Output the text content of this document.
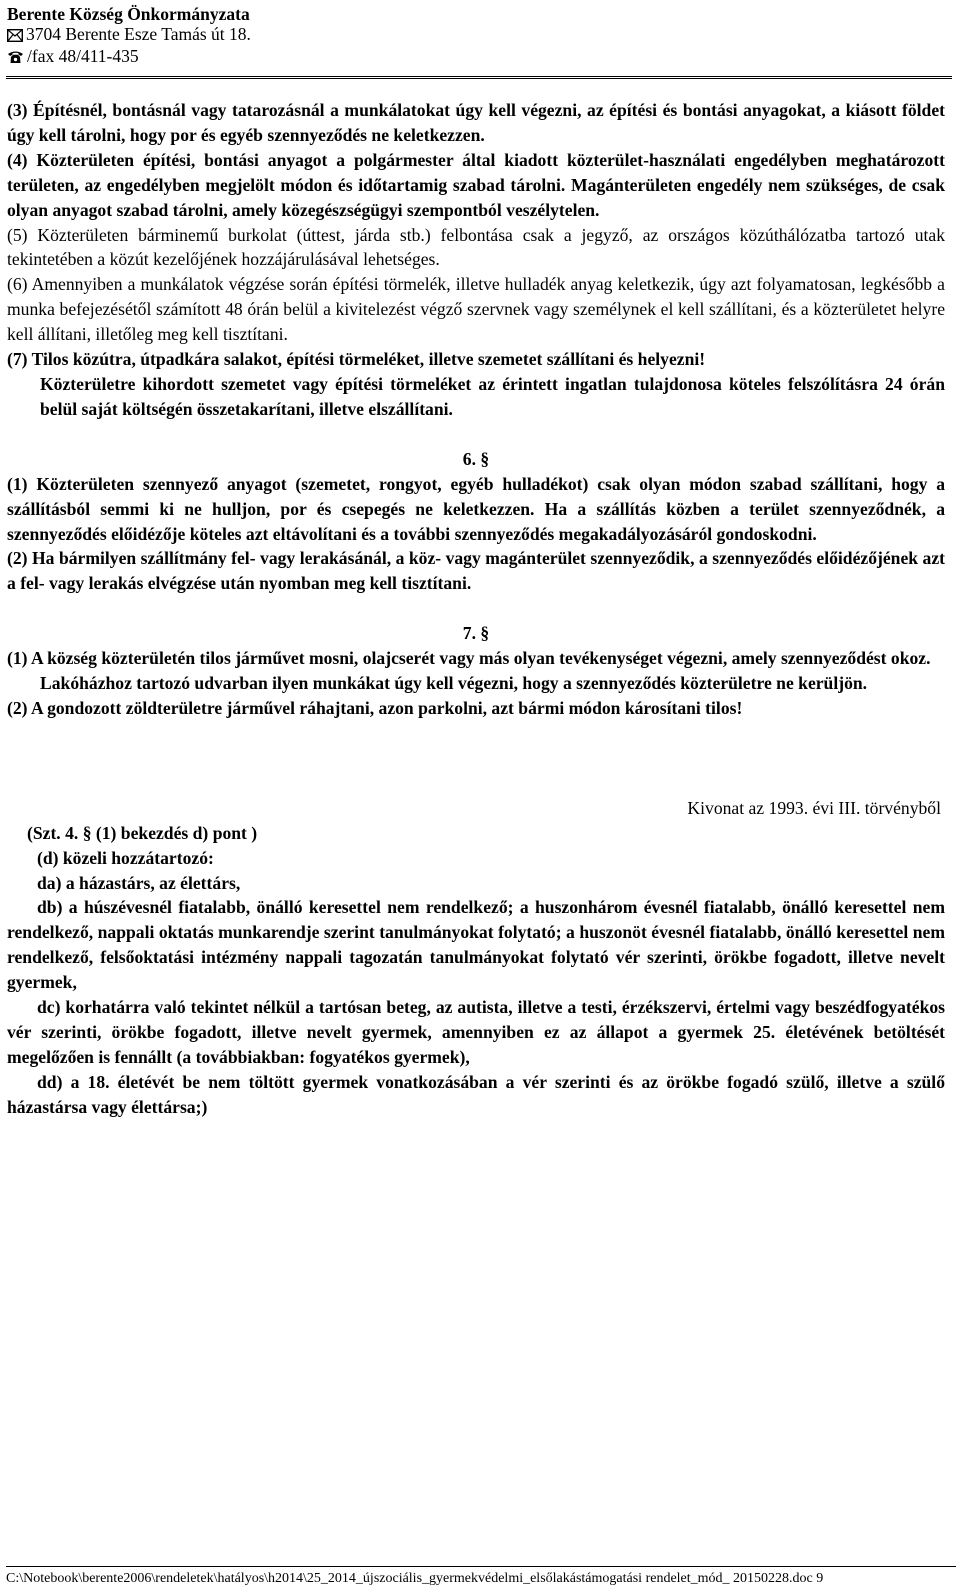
Berente Község Önkormányzata
3704 Berente Esze Tamás út 18.
/fax 48/411-435

(3) Építésnél, bontásnál vagy tatarozásnál a munkálatokat úgy kell végezni, az építési és bontási anyagokat, a kiásott földet úgy kell tárolni, hogy por és egyéb szennyeződés ne keletkezzen.

(4) Közterületen építési, bontási anyagot a polgármester által kiadott közterület-használati engedélyben meghatározott területen, az engedélyben megjelölt módon és időtartamig szabad tárolni. Magánterületen engedély nem szükséges, de csak olyan anyagot szabad tárolni, amely közegészségügyi szempontból veszélytelen.

(5) Közterületen bárminemű burkolat (úttest, járda stb.) felbontása csak a jegyző, az országos közúthálózatba tartozó utak tekintetében a közút kezelőjének hozzájárulásával lehetséges.

(6) Amennyiben a munkálatok végzése során építési törmelék, illetve hulladék anyag keletkezik, úgy azt folyamatosan, legkésőbb a munka befejezésétől számított 48 órán belül a kivitelezést végző szervnek vagy személynek el kell szállítani, és a közterületet helyre kell állítani, illetőleg meg kell tisztítani.

(7) Tilos közútra, útpadkára salakot, építési törmeléket, illetve szemetet szállítani és helyezni!

Közterületre kihordott szemetet vagy építési törmeléket az érintett ingatlan tulajdonosa köteles felszólításra 24 órán belül saját költségén összetakarítani, illetve elszállítani.

6. §

(1) Közterületen szennyező anyagot (szemetet, rongyot, egyéb hulladékot) csak olyan módon szabad szállítani, hogy a szállításból semmi ki ne hulljon, por és csepegés ne keletkezzen. Ha a szállítás közben a terület szennyeződnék, a szennyeződés előidézője köteles azt eltávolítani és a további szennyeződés megakadályozásáról gondoskodni.

(2) Ha bármilyen szállítmány fel- vagy lerakásánál, a köz- vagy magánterület szennyeződik, a szennyeződés előidézőjének azt a fel- vagy lerakás elvégzése után nyomban meg kell tisztítani.

7. §

(1) A község közterületén tilos járművet mosni, olajcserét vagy más olyan tevékenységet végezni, amely szennyeződést okoz.

Lakóházhoz tartozó udvarban ilyen munkákat úgy kell végezni, hogy a szennyeződés közterületre ne kerüljön.

(2) A gondozott zöldterületre járművel ráhajtani, azon parkolni, azt bármi módon károsítani tilos!

Kivonat az 1993. évi III. törvényből

(Szt. 4. § (1) bekezdés d) pont )

(d) közeli hozzátartozó:

da) a házastárs, az élettárs,

db) a húszévesnél fiatalabb, önálló keresettel nem rendelkező; a huszonhárom évesnél fiatalabb, önálló keresettel nem rendelkező, nappali oktatás munkarendje szerint tanulmányokat folytató; a huszonöt évesnél fiatalabb, önálló keresettel nem rendelkező, felsőoktatási intézmény nappali tagozatán tanulmányokat folytató vér szerinti, örökbe fogadott, illetve nevelt gyermek,

dc) korhatárra való tekintet nélkül a tartósan beteg, az autista, illetve a testi, érzékszervi, értelmi vagy beszédfogyatékos vér szerinti, örökbe fogadott, illetve nevelt gyermek, amennyiben ez az állapot a gyermek 25. életévének betöltését megelőzően is fennállt (a továbbiakban: fogyatékos gyermek),

dd) a 18. életévét be nem töltött gyermek vonatkozásában a vér szerinti és az örökbe fogadó szülő, illetve a szülő házastársa vagy élettársa;)

C:\Notebook\berente2006\rendeletek\hatályos\h2014\25_2014_újszociális_gyermekvédelmi_elsőlakástámogatási rendelet_mód_ 20150228.doc 9
